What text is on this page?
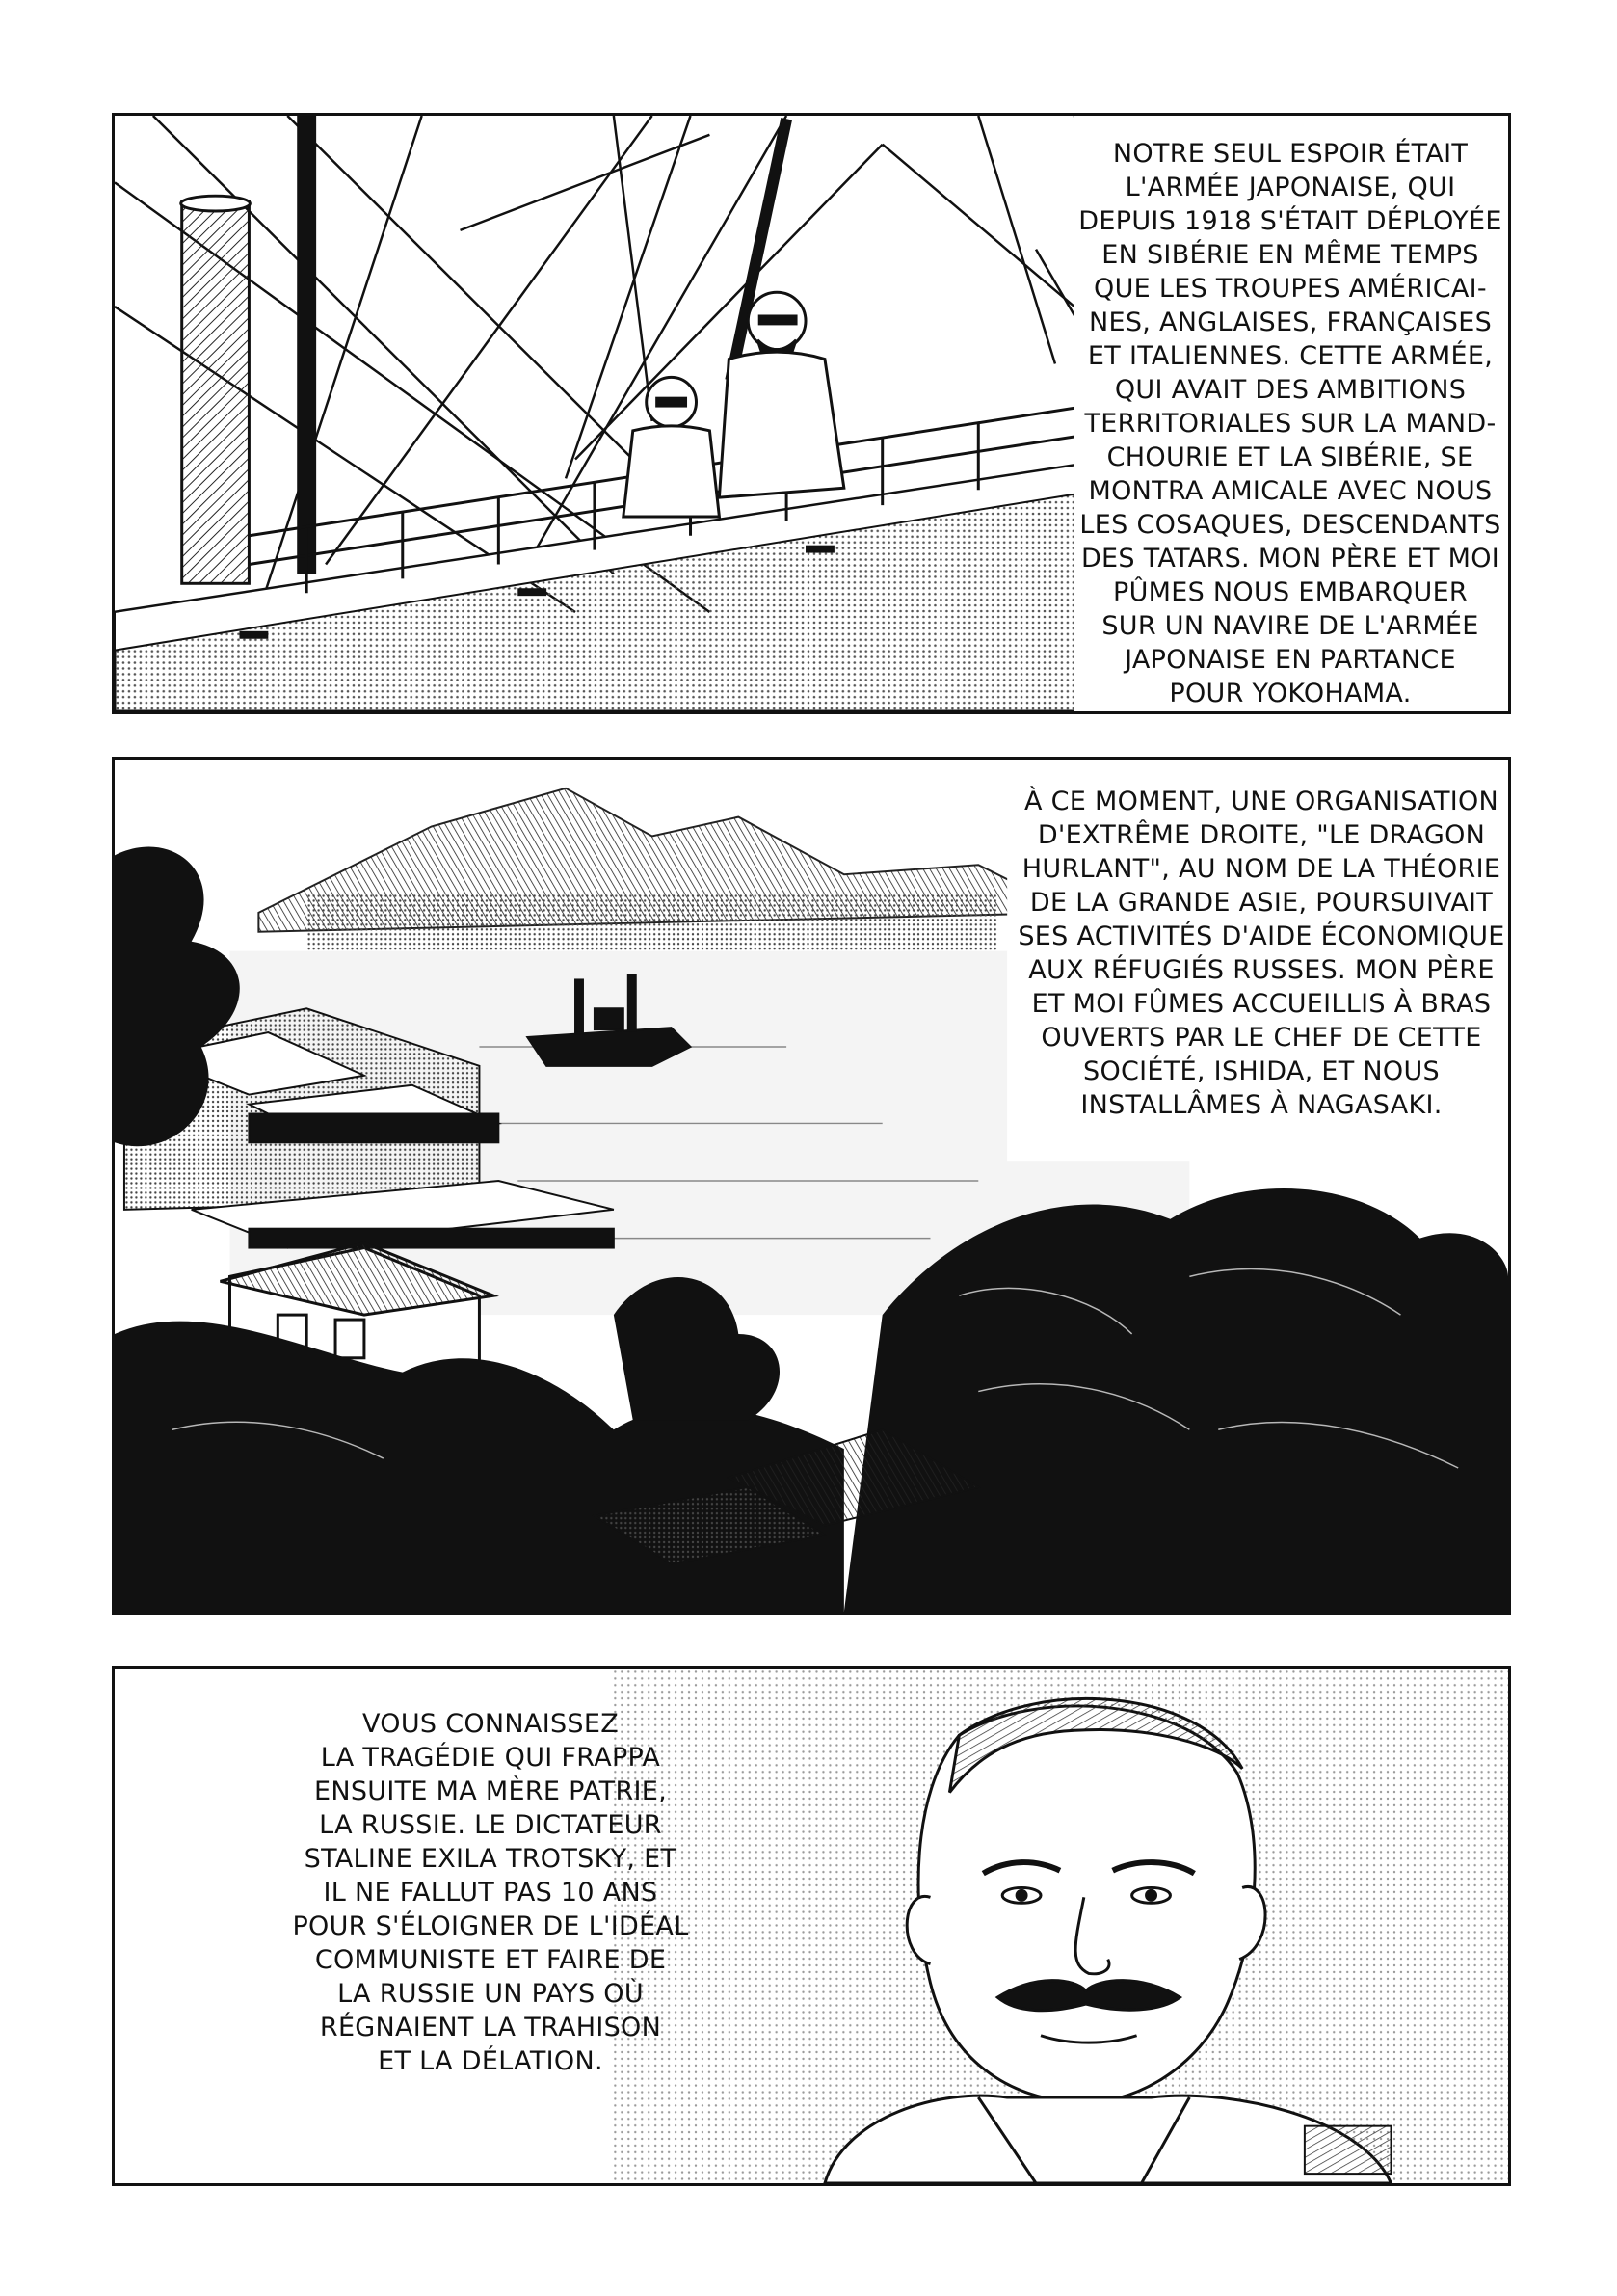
NOTRE SEUL ESPOIR ÉTAIT
L'ARMÉE JAPONAISE, QUI
DEPUIS 1918 S'ÉTAIT DÉPLOYÉE
EN SIBÉRIE EN MÊME TEMPS
QUE LES TROUPES AMÉRICAI-
NES, ANGLAISES, FRANÇAISES
ET ITALIENNES. CETTE ARMÉE,
QUI AVAIT DES AMBITIONS
TERRITORIALES SUR LA MAND-
CHOURIE ET LA SIBÉRIE, SE
MONTRA AMICALE AVEC NOUS
LES COSAQUES, DESCENDANTS
DES TATARS. MON PÈRE ET MOI
PÛMES NOUS EMBARQUER
SUR UN NAVIRE DE L'ARMÉE
JAPONAISE EN PARTANCE
POUR YOKOHAMA.
À CE MOMENT, UNE ORGANISATION
D'EXTRÊME DROITE, "LE DRAGON
HURLANT", AU NOM DE LA THÉORIE
DE LA GRANDE ASIE, POURSUIVAIT
SES ACTIVITÉS D'AIDE ÉCONOMIQUE
AUX RÉFUGIÉS RUSSES. MON PÈRE
ET MOI FÛMES ACCUEILLIS À BRAS
OUVERTS PAR LE CHEF DE CETTE
SOCIÉTÉ, ISHIDA, ET NOUS
INSTALLÂMES À NAGASAKI.
VOUS CONNAISSEZ
LA TRAGÉDIE QUI FRAPPA
ENSUITE MA MÈRE PATRIE,
LA RUSSIE. LE DICTATEUR
STALINE EXILA TROTSKY, ET
IL NE FALLUT PAS 10 ANS
POUR S'ÉLOIGNER DE L'IDÉAL
COMMUNISTE ET FAIRE DE
LA RUSSIE UN PAYS OÙ
RÉGNAIENT LA TRAHISON
ET LA DÉLATION.
